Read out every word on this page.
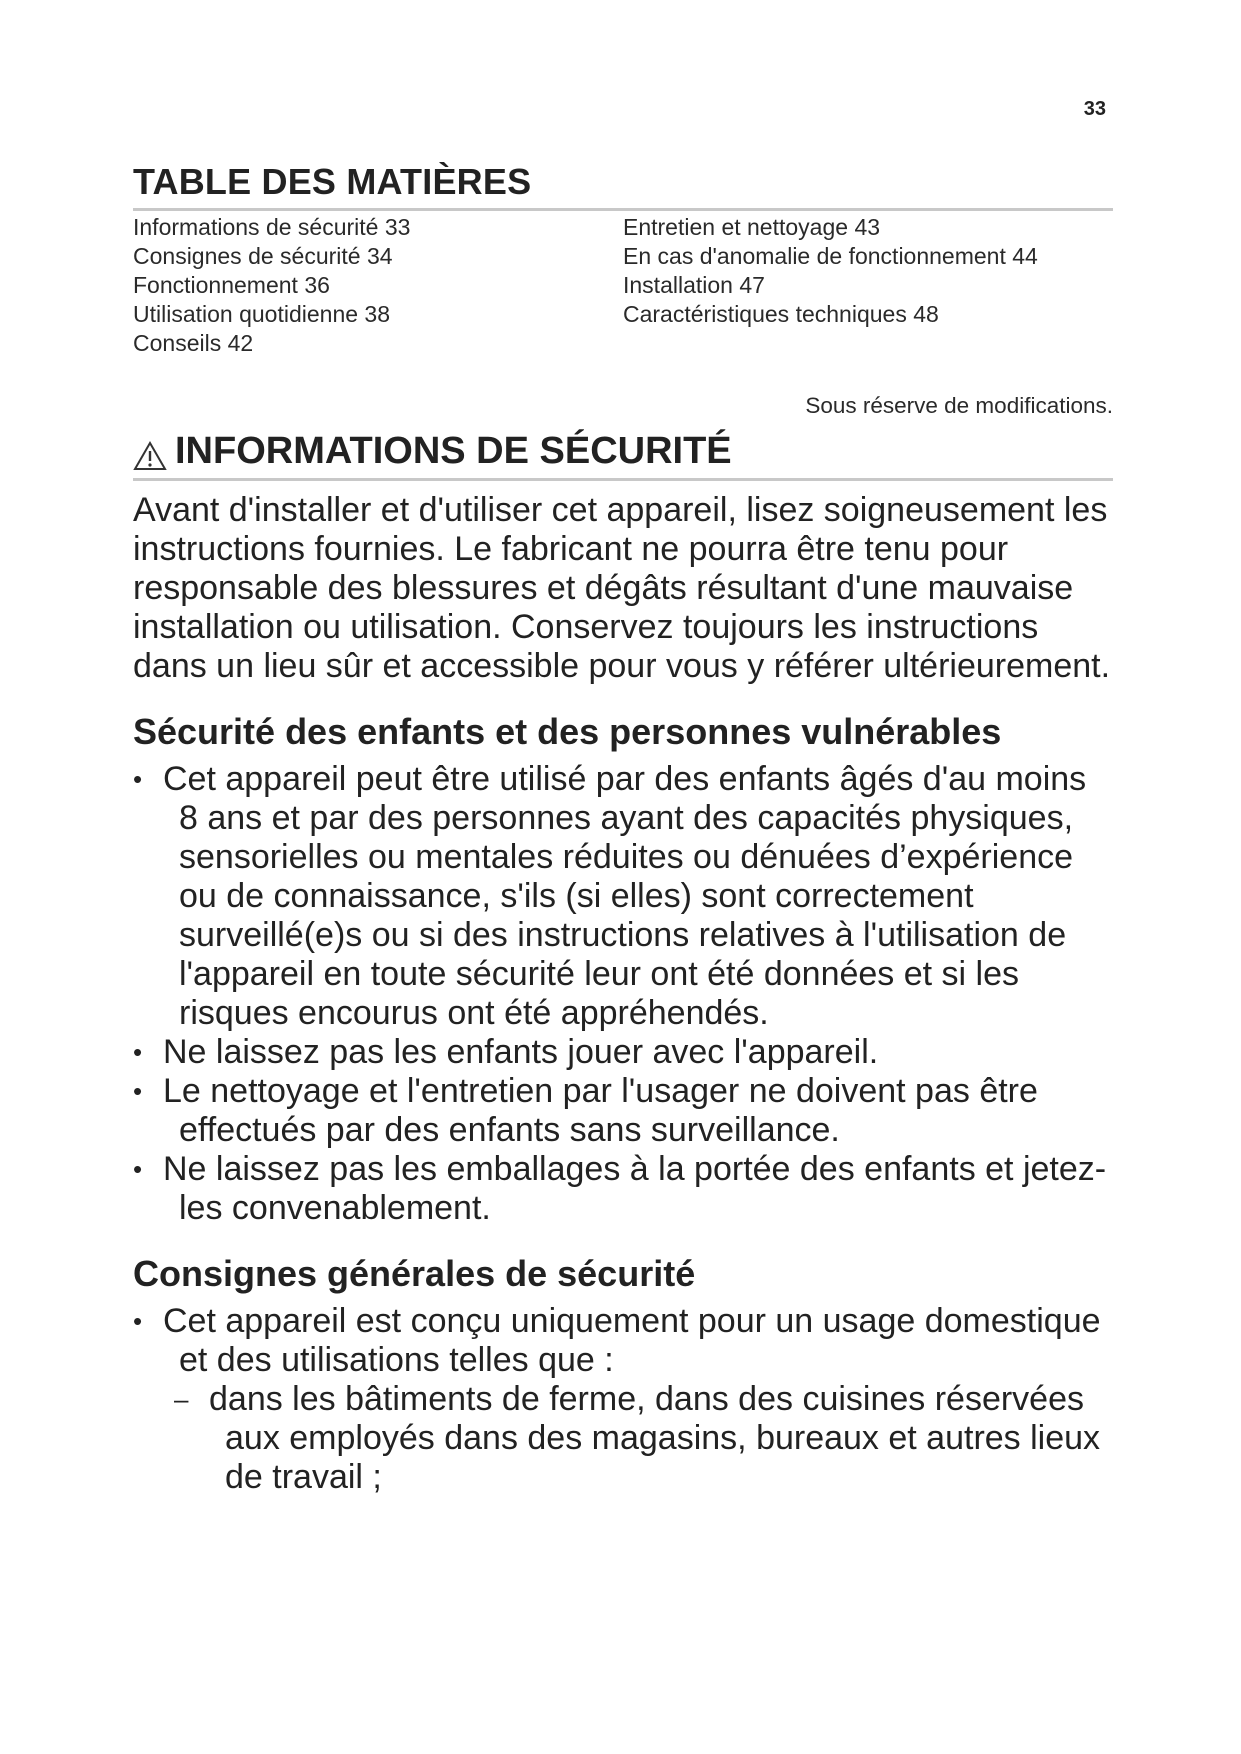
33
TABLE DES MATIÈRES
Informations de sécurité 33
Consignes de sécurité 34
Fonctionnement 36
Utilisation quotidienne 38
Conseils 42
Entretien et nettoyage 43
En cas d'anomalie de fonctionnement 44
Installation 47
Caractéristiques techniques 48
Sous réserve de modifications.
INFORMATIONS DE SÉCURITÉ
Avant d'installer et d'utiliser cet appareil, lisez soigneusement les instructions fournies. Le fabricant ne pourra être tenu pour responsable des blessures et dégâts résultant d'une mauvaise installation ou utilisation. Conservez toujours les instructions dans un lieu sûr et accessible pour vous y référer ultérieurement.
Sécurité des enfants et des personnes vulnérables
• Cet appareil peut être utilisé par des enfants âgés d'au moins 8 ans et par des personnes ayant des capacités physiques, sensorielles ou mentales réduites ou dénuées d’expérience ou de connaissance, s'ils (si elles) sont correctement surveillé(e)s ou si des instructions relatives à l'utilisation de l'appareil en toute sécurité leur ont été données et si les risques encourus ont été appréhendés.
• Ne laissez pas les enfants jouer avec l'appareil.
• Le nettoyage et l'entretien par l'usager ne doivent pas être effectués par des enfants sans surveillance.
• Ne laissez pas les emballages à la portée des enfants et jetez-les convenablement.
Consignes générales de sécurité
• Cet appareil est conçu uniquement pour un usage domestique et des utilisations telles que :
– dans les bâtiments de ferme, dans des cuisines réservées aux employés dans des magasins, bureaux et autres lieux de travail ;
